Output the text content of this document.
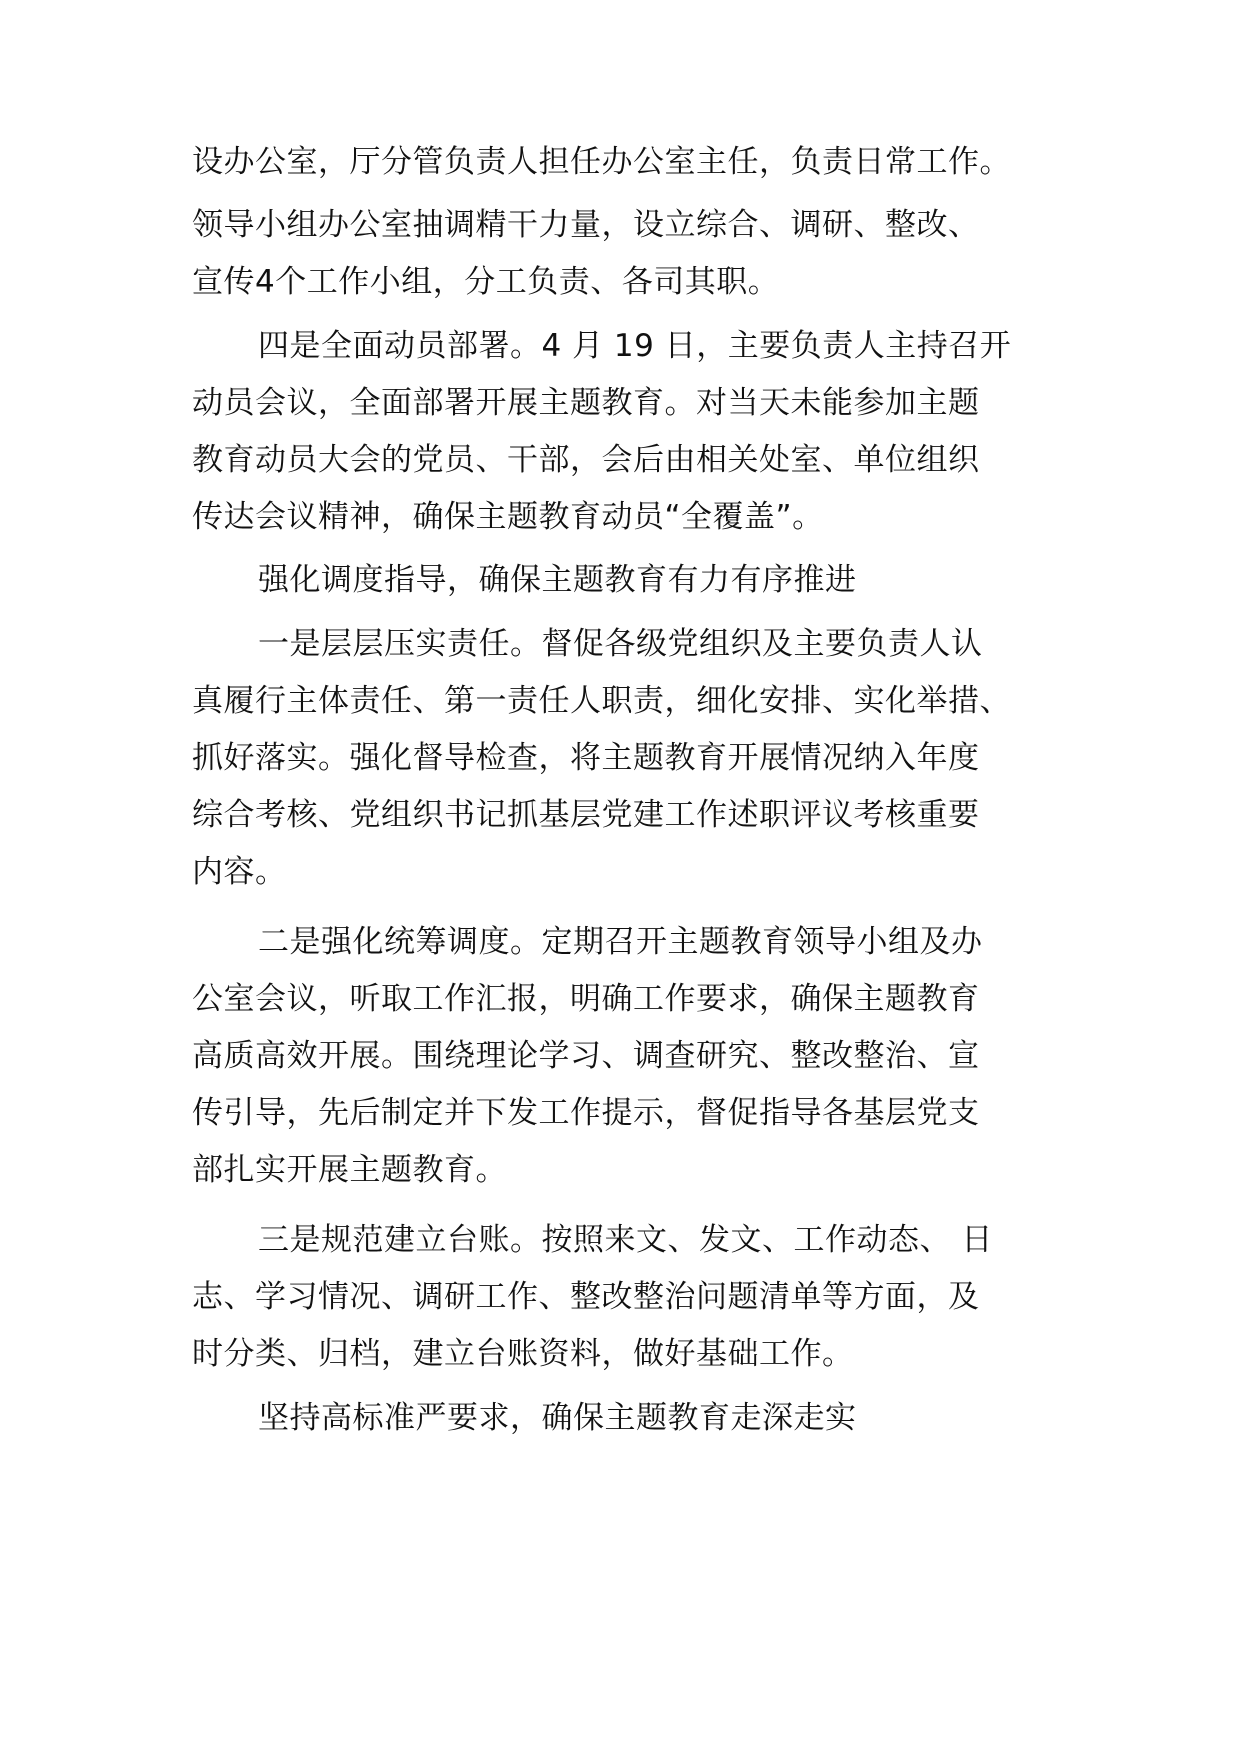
设办公室，厅分管负责人担任办公室主任，负责日常工作。
领导小组办公室抽调精干力量，设立综合、调研、整改、
宣传4个工作小组，分工负责、各司其职。
四是全面动员部署。4 月 19 日，主要负责人主持召开
动员会议，全面部署开展主题教育。对当天未能参加主题
教育动员大会的党员、干部，会后由相关处室、单位组织
传达会议精神，确保主题教育动员“全覆盖”。
强化调度指导，确保主题教育有力有序推进
一是层层压实责任。督促各级党组织及主要负责人认
真履行主体责任、第一责任人职责，细化安排、实化举措、
抓好落实。强化督导检查，将主题教育开展情况纳入年度
综合考核、党组织书记抓基层党建工作述职评议考核重要
内容。
二是强化统筹调度。定期召开主题教育领导小组及办
公室会议，听取工作汇报，明确工作要求，确保主题教育
高质高效开展。围绕理论学习、调查研究、整改整治、宣
传引导，先后制定并下发工作提示，督促指导各基层党支
部扎实开展主题教育。
三是规范建立台账。按照来文、发文、工作动态、 日
志、学习情况、调研工作、整改整治问题清单等方面，及
时分类、归档，建立台账资料，做好基础工作。
坚持高标准严要求，确保主题教育走深走实
